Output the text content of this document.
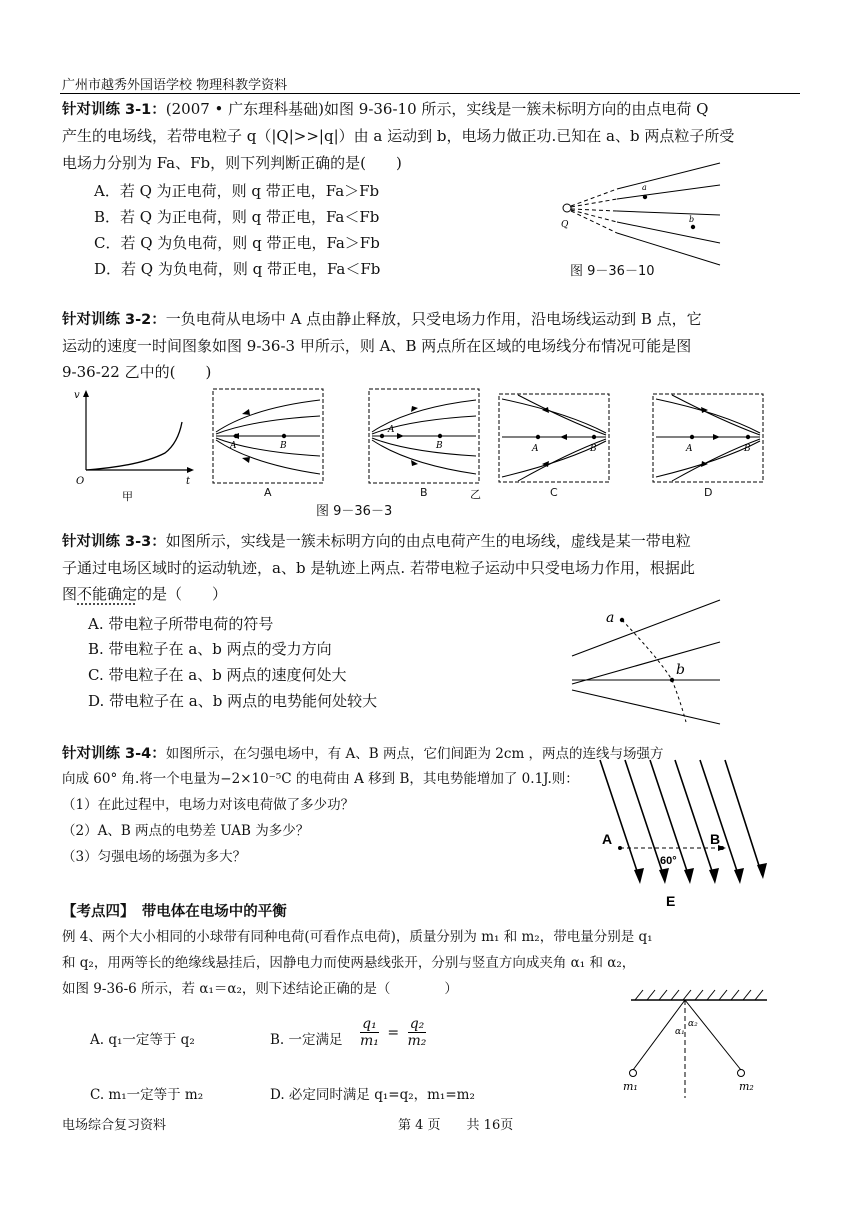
广州市越秀外国语学校 物理科教学资料
针对训练 3-1：(2007 • 广东理科基础)如图 9-36-10 所示，实线是一簇未标明方向的由点电荷 Q
产生的电场线，若带电粒子 q（|Q|>>|q|）由 a 运动到 b，电场力做正功.已知在 a、b 两点粒子所受
电场力分别为 Fa、Fb，则下列判断正确的是(　　)
A．若 Q 为正电荷，则 q 带正电，Fa＞Fb
B．若 Q 为正电荷，则 q 带正电，Fa＜Fb
C．若 Q 为负电荷，则 q 带正电，Fa＞Fb
D．若 Q 为负电荷，则 q 带正电，Fa＜Fb
a
b
Q
图 9－36－10
针对训练 3-2：一负电荷从电场中 A 点由静止释放，只受电场力作用，沿电场线运动到 B 点，它
运动的速度一时间图象如图 9-36-3 甲所示，则 A、B 两点所在区域的电场线分布情况可能是图
9-36-22 乙中的(　　)
v
t
O
甲
A	B
A
A
B
B	乙
A	B
C
A	B
D
图 9－36－3
针对训练 3-3：如图所示，实线是一簇未标明方向的由点电荷产生的电场线，虚线是某一带电粒
子通过电场区域时的运动轨迹，a、b 是轨迹上两点. 若带电粒子运动中只受电场力作用，根据此
图不能确定的是（　　）
A. 带电粒子所带电荷的符号
B. 带电粒子在 a、b 两点的受力方向
C. 带电粒子在 a、b 两点的速度何处大
D. 带电粒子在 a、b 两点的电势能何处较大
a
b
针对训练 3-4：如图所示，在匀强电场中，有 A、B 两点，它们间距为 2cm ，两点的连线与场强方
向成 60° 角.将一个电量为−2×10⁻⁵C 的电荷由 A 移到 B，其电势能增加了 0.1J.则：
（1）在此过程中，电场力对该电荷做了多少功？
（2）A、B 两点的电势差 UAB 为多少？
（3）匀强电场的场强为多大？
A	B
60°
E
【考点四】　带电体在电场中的平衡
例 4、两个大小相同的小球带有同种电荷(可看作点电荷)，质量分别为 m₁ 和 m₂，带电量分别是 q₁
和 q₂，用两等长的绝缘线悬挂后，因静电力而使两悬线张开，分别与竖直方向成夹角 α₁ 和 α₂，
如图 9-36-6 所示，若 α₁＝α₂，则下述结论正确的是（　　　　）
A. q₁一定等于 q₂	B. 一定满足 $\frac{\text{q₁}}{\text{m₁}} = \frac{\text{q₂}}{\text{m₂}}$
C. m₁一定等于 m₂	D. 必定同时满足 q₁=q₂，m₁=m₂
α₁
α₂
m₁	m₂
电场综合复习资料	第 4 页　　共 16页
